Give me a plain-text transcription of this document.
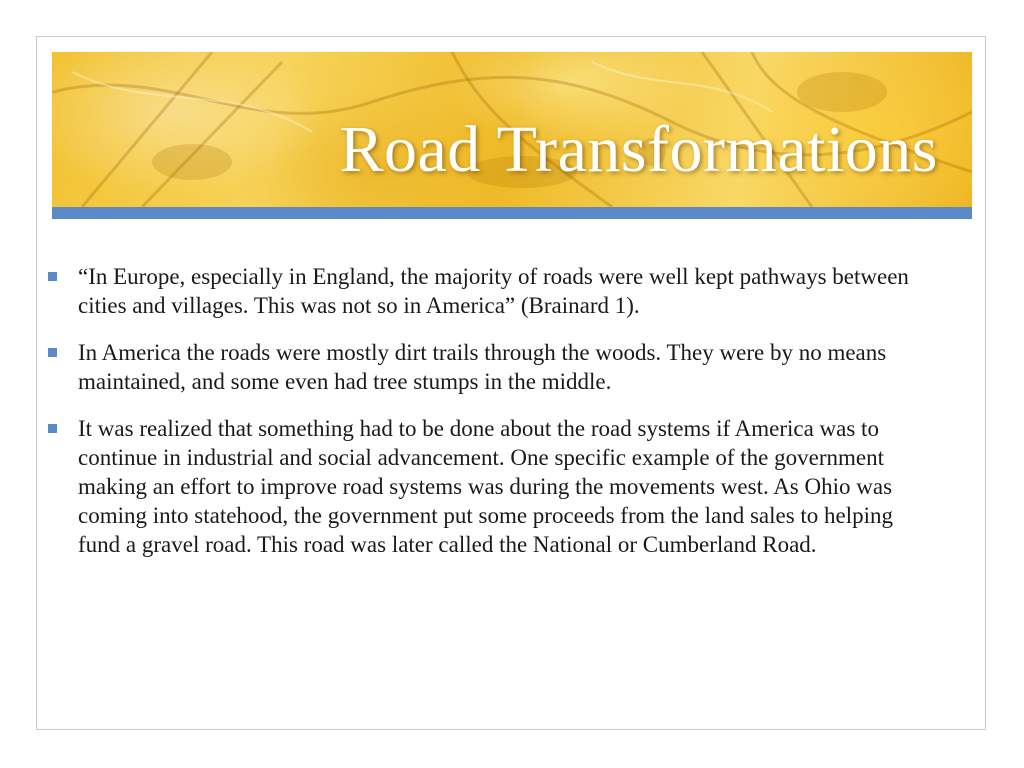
Road Transformations
“In Europe, especially in England, the majority of roads were well kept pathways between cities and villages. This was not so in America” (Brainard 1).
In America the roads were mostly dirt trails through the woods. They were by no means maintained, and some even had tree stumps in the middle.
It was realized that something had to be done about the road systems if America was to continue in industrial and social advancement. One specific example of the government making an effort to improve road systems was during the movements west. As Ohio was coming into statehood, the government put some proceeds from the land sales to helping fund a gravel road. This road was later called the National or Cumberland Road.
